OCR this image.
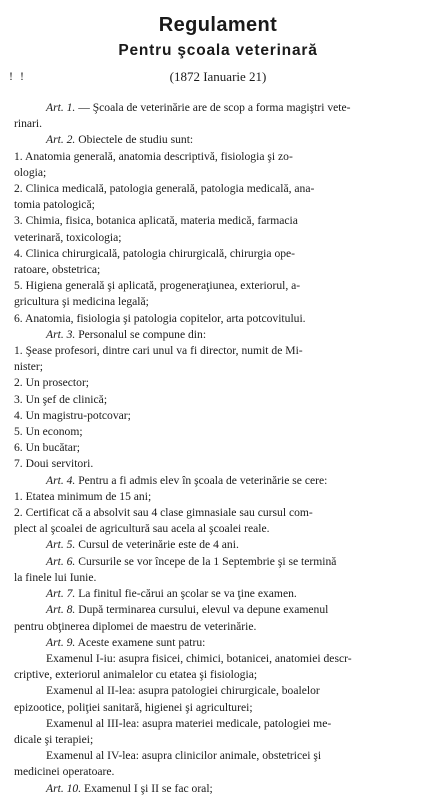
Regulament
Pentru şcoala veterinară
! !	(1872 Ianuarie 21)
Art. 1. — Şcoala de veterinărie are de scop a forma magiştri vete-
rinari.
Art. 2. Obiectele de studiu sunt:
1. Anatomia generală, anatomia descriptivă, fisiologia şi zo-
ologia;
2. Clinica medicală, patologia generală, patologia medicală, ana-
tomia patologică;
3. Chimia, fisica, botanica aplicată, materia medică, farmacia
veterinară, toxicologia;
4. Clinica chirurgicală, patologia chirurgicală, chirurgia ope-
ratoare, obstetrica;
5. Higiena generală şi aplicată, progeneraţiunea, exteriorul, a-
gricultura şi medicina legală;
6. Anatomia, fisiologia şi patologia copitelor, arta potcovitului.
Art. 3. Personalul se compune din:
1. Şease profesori, dintre cari unul va fi director, numit de Mi-
nister;
2. Un prosector;
3. Un şef de clinică;
4. Un magistru-potcovar;
5. Un econom;
6. Un bucătar;
7. Doui servitori.
Art. 4. Pentru a fi admis elev în şcoala de veterinărie se cere:
1. Etatea minimum de 15 ani;
2. Certificat că a absolvit sau 4 clase gimnasiale sau cursul com-
plect al şcoalei de agricultură sau acela al şcoalei reale.
Art. 5. Cursul de veterinărie este de 4 ani.
Art. 6. Cursurile se vor începe de la 1 Septembrie şi se termină
la finele lui Iunie.
Art. 7. La finitul fie-cărui an şcolar se va ţine examen.
Art. 8. După terminarea cursului, elevul va depune examenul
pentru obţinerea diplomei de maestru de veterinărie.
Art. 9. Aceste examene sunt patru:
Examenul I-iu: asupra fisicei, chimici, botanicei, anatomiei descr-
criptive, exteriorul animalelor cu etatea şi fisiologia;
Examenul al II-lea: asupra patologiei chirurgicale, boalelor
epizootice, poliţiei sanitară, higienei şi agriculturei;
Examenul al III-lea: asupra materiei medicale, patologiei me-
dicale şi terapiei;
Examenul al IV-lea: asupra clinicilor animale, obstetricei şi
medicinei operatoare.
Art. 10. Examenul I şi II se fac oral;
